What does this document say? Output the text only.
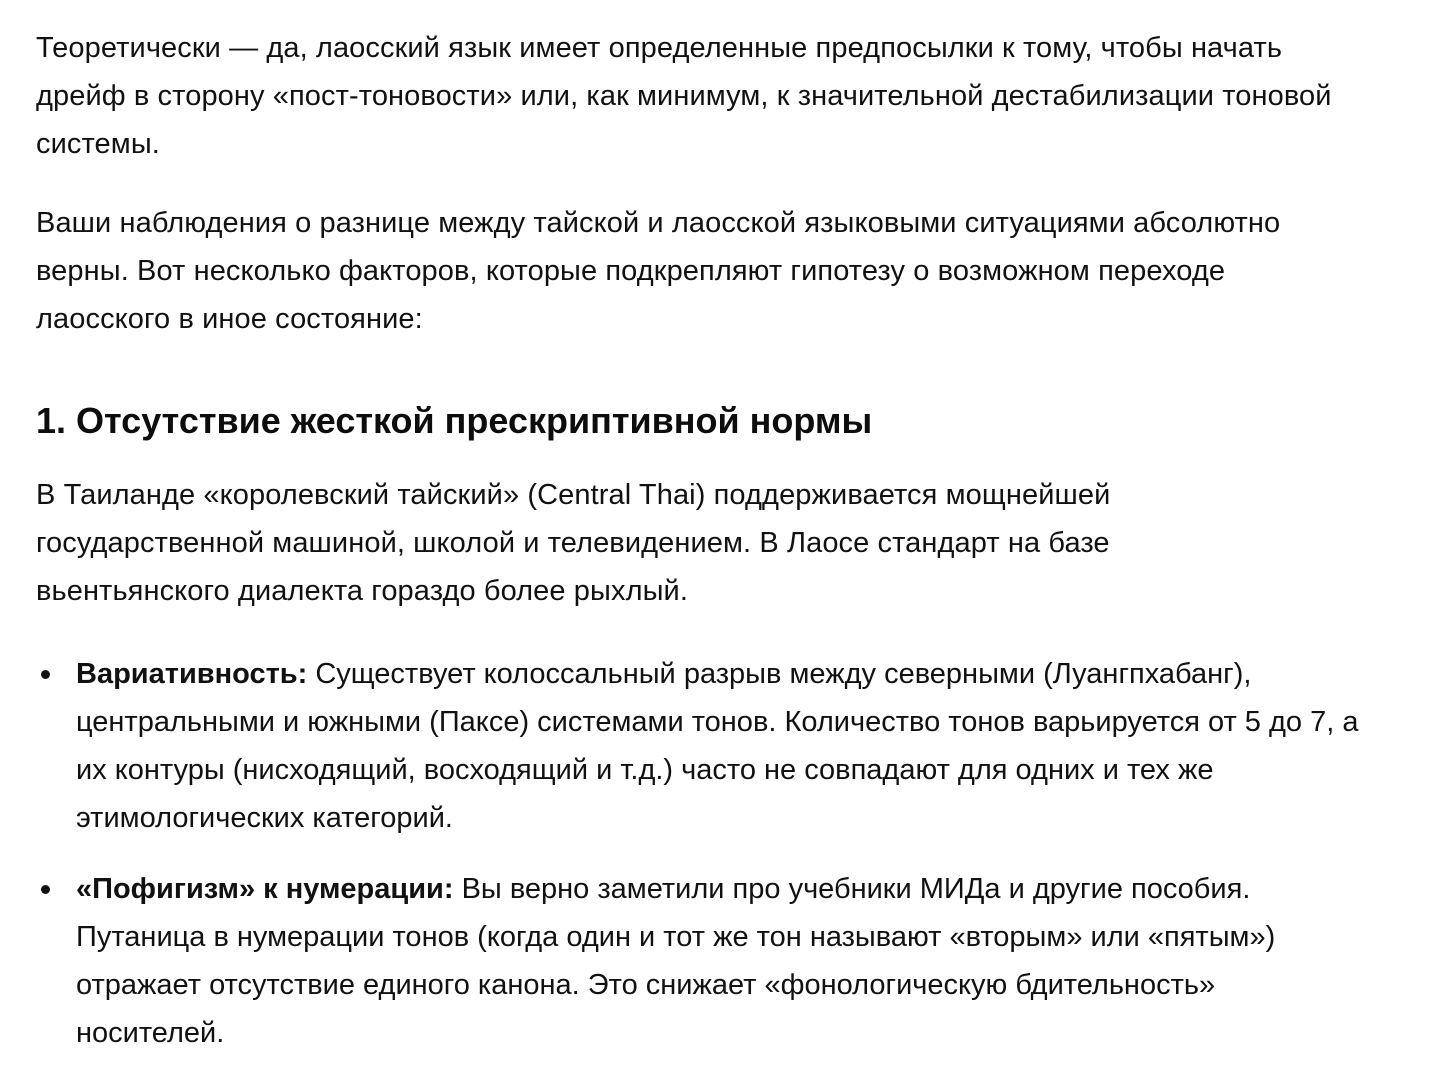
Теоретически — да, лаосский язык имеет определенные предпосылки к тому, чтобы начать дрейф в сторону «пост-тоновости» или, как минимум, к значительной дестабилизации тоновой системы.

Ваши наблюдения о разнице между тайской и лаосской языковыми ситуациями абсолютно верны. Вот несколько факторов, которые подкрепляют гипотезу о возможном переходе лаосского в иное состояние:

1. Отсутствие жесткой прескриптивной нормы

В Таиланде «королевский тайский» (Central Thai) поддерживается мощнейшей государственной машиной, школой и телевидением. В Лаосе стандарт на базе вьентьянского диалекта гораздо более рыхлый.

Вариативность: Существует колоссальный разрыв между северными (Луангпхабанг), центральными и южными (Паксе) системами тонов. Количество тонов варьируется от 5 до 7, а их контуры (нисходящий, восходящий и т.д.) часто не совпадают для одних и тех же этимологических категорий.
«Пофигизм» к нумерации: Вы верно заметили про учебники МИДа и другие пособия. Путаница в нумерации тонов (когда один и тот же тон называют «вторым» или «пятым») отражает отсутствие единого канона. Это снижает «фонологическую бдительность» носителей.
